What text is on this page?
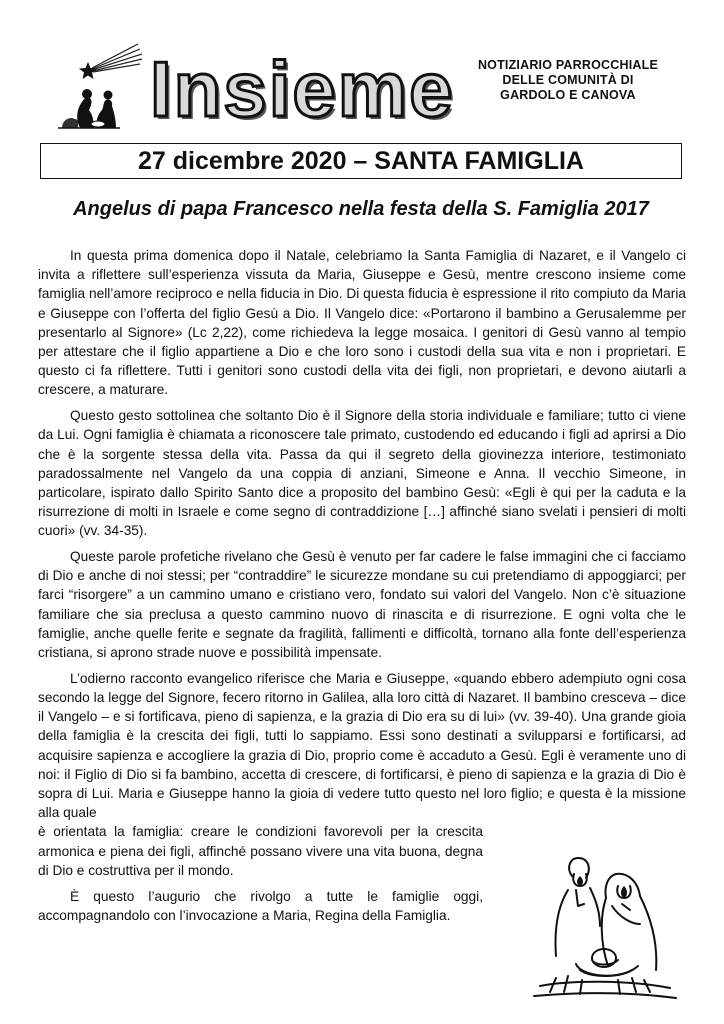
Insieme NOTIZIARIO PARROCCHIALE
DELLE COMUNITÀ DI
GARDOLO E CANOVA
27 dicembre 2020 – SANTA FAMIGLIA
Angelus di papa Francesco nella festa della S. Famiglia 2017

In questa prima domenica dopo il Natale, celebriamo la Santa Famiglia di Nazaret, e il Vangelo ci invita a riflettere sull’esperienza vissuta da Maria, Giuseppe e Gesù, mentre crescono insieme come famiglia nell’amore reciproco e nella fiducia in Dio. Di questa fiducia è espressione il rito compiuto da Maria e Giuseppe con l’offerta del figlio Gesù a Dio. Il Vangelo dice: «Portarono il bambino a Gerusalemme per presentarlo al Signore» (Lc 2,22), come richiedeva la legge mosaica. I genitori di Gesù vanno al tempio per attestare che il figlio appartiene a Dio e che loro sono i custodi della sua vita e non i proprietari. E questo ci fa riflettere. Tutti i genitori sono custodi della vita dei figli, non proprietari, e devono aiutarli a crescere, a maturare.

Questo gesto sottolinea che soltanto Dio è il Signore della storia individuale e familiare; tutto ci viene da Lui. Ogni famiglia è chiamata a riconoscere tale primato, custodendo ed educando i figli ad aprirsi a Dio che è la sorgente stessa della vita. Passa da qui il segreto della giovinezza interiore, testimoniato paradossalmente nel Vangelo da una coppia di anziani, Simeone e Anna. Il vecchio Simeone, in particolare, ispirato dallo Spirito Santo dice a proposito del bambino Gesù: «Egli è qui per la caduta e la risurrezione di molti in Israele e come segno di contraddizione […] affinché siano svelati i pensieri di molti cuori» (vv. 34-35).

Queste parole profetiche rivelano che Gesù è venuto per far cadere le false immagini che ci facciamo di Dio e anche di noi stessi; per “contraddire” le sicurezze mondane su cui pretendiamo di appoggiarci; per farci “risorgere” a un cammino umano e cristiano vero, fondato sui valori del Vangelo. Non c’è situazione familiare che sia preclusa a questo cammino nuovo di rinascita e di risurrezione. E ogni volta che le famiglie, anche quelle ferite e segnate da fragilità, fallimenti e difficoltà, tornano alla fonte dell’esperienza cristiana, si aprono strade nuove e possibilità impensate.

L’odierno racconto evangelico riferisce che Maria e Giuseppe, «quando ebbero adempiuto ogni cosa secondo la legge del Signore, fecero ritorno in Galilea, alla loro città di Nazaret. Il bambino cresceva – dice il Vangelo – e si fortificava, pieno di sapienza, e la grazia di Dio era su di lui» (vv. 39-40). Una grande gioia della famiglia è la crescita dei figli, tutti lo sappiamo. Essi sono destinati a svilupparsi e fortificarsi, ad acquisire sapienza e accogliere la grazia di Dio, proprio come è accaduto a Gesù. Egli è veramente uno di noi: il Figlio di Dio si fa bambino, accetta di crescere, di fortificarsi, è pieno di sapienza e la grazia di Dio è sopra di Lui. Maria e Giuseppe hanno la gioia di vedere tutto questo nel loro figlio; e questa è la missione alla quale

è orientata la famiglia: creare le condizioni favorevoli per la crescita armonica e piena dei figli, affinché possano vivere una vita buona, degna di Dio e costruttiva per il mondo.

È questo l’augurio che rivolgo a tutte le famiglie oggi, accompagnandolo con l’invocazione a Maria, Regina della Famiglia.
